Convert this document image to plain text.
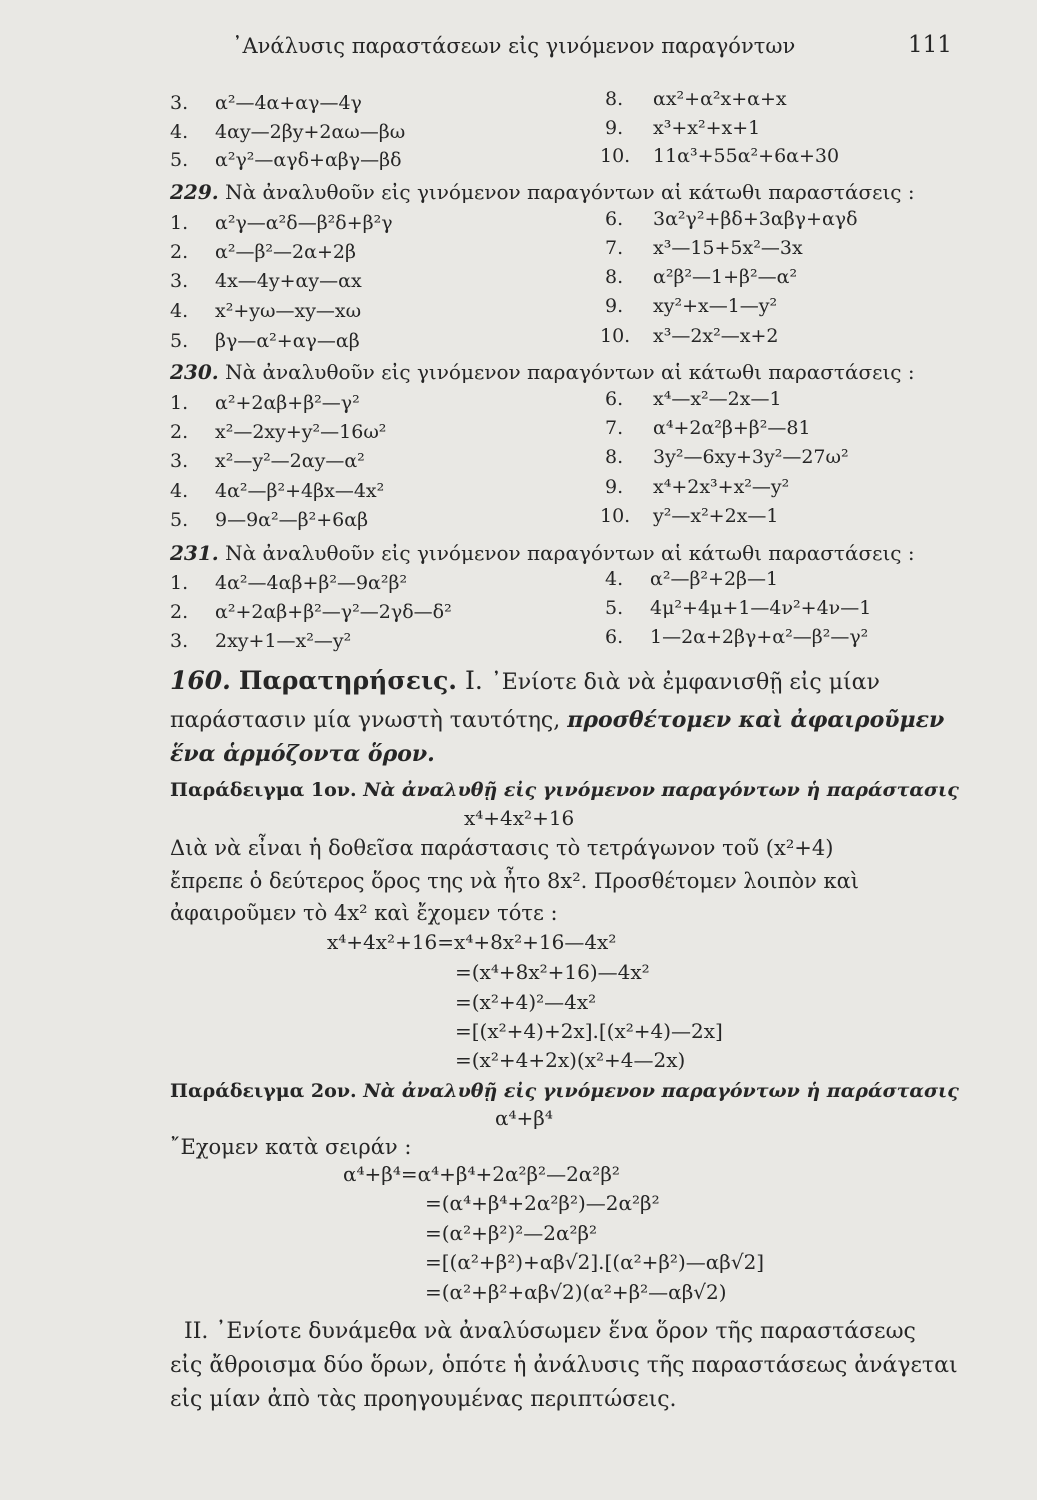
᾿Ανάλυσις παραστάσεων εἰς γινόμενον παραγόντων	111
3. α²—4α+αγ—4γ	8. αx²+α²x+α+x
4. 4αy—2βy+2αω—βω	9. x³+x²+x+1
5. α²γ²—αγδ+αβγ—βδ	10. 11α³+55α²+6α+30
229. Νὰ ἀναλυθοῦν εἰς γινόμενον παραγόντων αἱ κάτωθι παραστάσεις :
1. α²γ—α²δ—β²δ+β²γ	6. 3α²γ²+βδ+3αβγ+αγδ
2. α²—β²—2α+2β	7. x³—15+5x²—3x
3. 4x—4y+αy—αx	8. α²β²—1+β²—α²
4. x²+yω—xy—xω	9. xy²+x—1—y²
5. βγ—α²+αγ—αβ	10. x³—2x²—x+2
230. Νὰ ἀναλυθοῦν εἰς γινόμενον παραγόντων αἱ κάτωθι παραστάσεις :
1. α²+2αβ+β²—γ²	6. x⁴—x²—2x—1
2. x²—2xy+y²—16ω²	7. α⁴+2α²β+β²—81
3. x²—y²—2αy—α²	8. 3y²—6xy+3y²—27ω²
4. 4α²—β²+4βx—4x²	9. x⁴+2x³+x²—y²
5. 9—9α²—β²+6αβ	10. y²—x²+2x—1
231. Νὰ ἀναλυθοῦν εἰς γινόμενον παραγόντων αἱ κάτωθι παραστάσεις :
1. 4α²—4αβ+β²—9α²β²	4. α²—β²+2β—1
2. α²+2αβ+β²—γ²—2γδ—δ²	5. 4μ²+4μ+1—4ν²+4ν—1
3. 2xy+1—x²—y²	6. 1—2α+2βγ+α²—β²—γ²
160. Παρατηρήσεις. I. ᾿Ενίοτε διὰ νὰ ἐμφανισθῇ εἰς μίαν
παράστασιν μία γνωστὴ ταυτότης, προσθέτομεν καὶ ἀφαιροῦμεν
ἕνα ἁρμόζοντα ὅρον.
Παράδειγμα 1ον. Νὰ ἀναλυθῇ εἰς γινόμενον παραγόντων ἡ παράστασις
x⁴+4x²+16
Διὰ νὰ εἶναι ἡ δοθεῖσα παράστασις τὸ τετράγωνον τοῦ (x²+4)
ἔπρεπε ὁ δεύτερος ὅρος της νὰ ἦτο 8x². Προσθέτομεν λοιπὸν καὶ
ἀφαιροῦμεν τὸ 4x² καὶ ἔχομεν τότε :
x⁴+4x²+16=x⁴+8x²+16—4x²
=(x⁴+8x²+16)—4x²
=(x²+4)²—4x²
=[(x²+4)+2x].[(x²+4)—2x]
=(x²+4+2x)(x²+4—2x)
Παράδειγμα 2ον. Νὰ ἀναλυθῇ εἰς γινόμενον παραγόντων ἡ παράστασις
α⁴+β⁴
῎Εχομεν κατὰ σειράν :
α⁴+β⁴=α⁴+β⁴+2α²β²—2α²β²
=(α⁴+β⁴+2α²β²)—2α²β²
=(α²+β²)²—2α²β²
=[(α²+β²)+αβ√2].[(α²+β²)—αβ√2]
=(α²+β²+αβ√2)(α²+β²—αβ√2)
II. ᾿Ενίοτε δυνάμεθα νὰ ἀναλύσωμεν ἕνα ὅρον τῆς παραστάσεως
εἰς ἄθροισμα δύο ὅρων, ὁπότε ἡ ἀνάλυσις τῆς παραστάσεως ἀνάγεται
εἰς μίαν ἀπὸ τὰς προηγουμένας περιπτώσεις.
